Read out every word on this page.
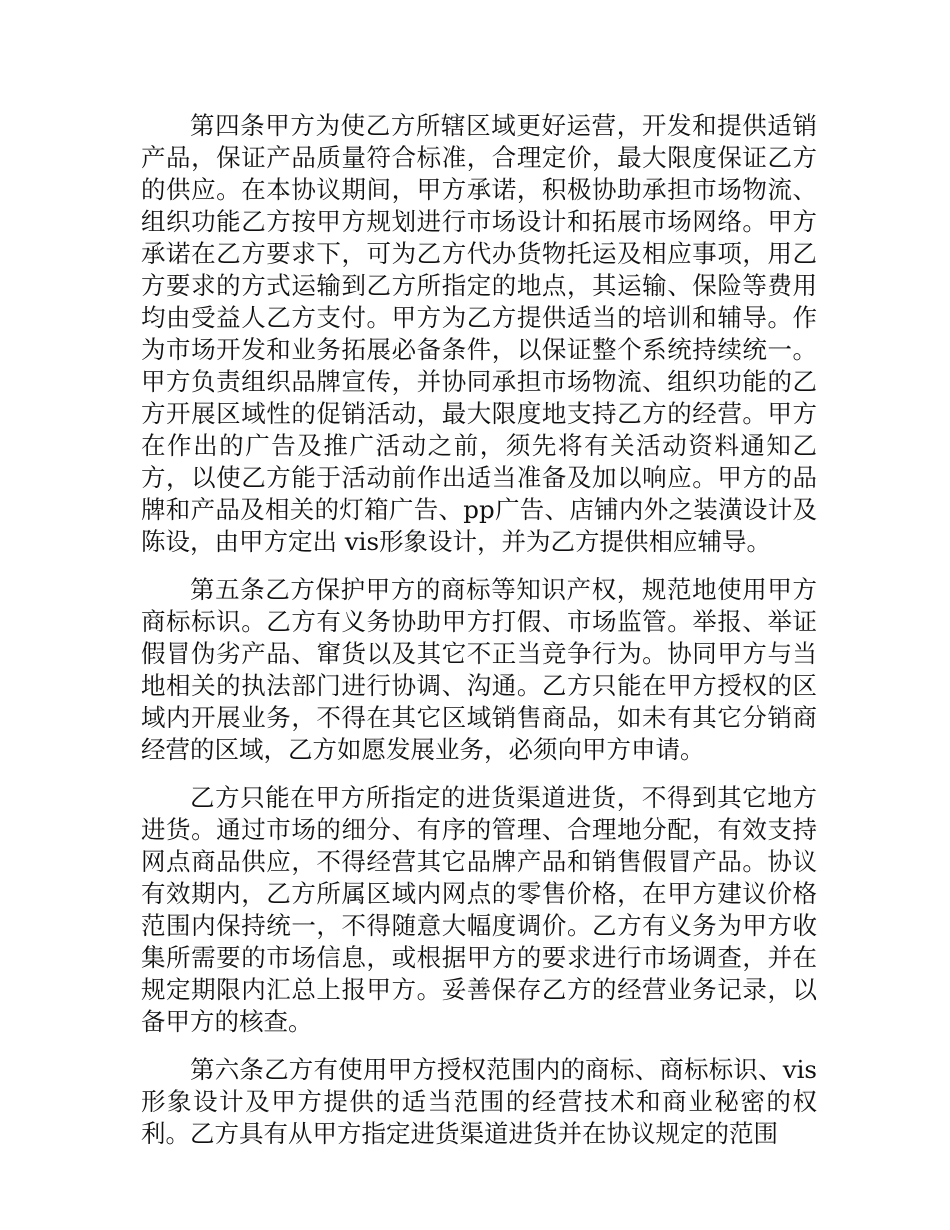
第四条甲方为使乙方所辖区域更好运营，开发和提供适销产品，保证产品质量符合标准，合理定价，最大限度保证乙方的供应。在本协议期间，甲方承诺，积极协助承担市场物流、组织功能乙方按甲方规划进行市场设计和拓展市场网络。甲方承诺在乙方要求下，可为乙方代办货物托运及相应事项，用乙方要求的方式运输到乙方所指定的地点，其运输、保险等费用均由受益人乙方支付。甲方为乙方提供适当的培训和辅导。作为市场开发和业务拓展必备条件，以保证整个系统持续统一。甲方负责组织品牌宣传，并协同承担市场物流、组织功能的乙方开展区域性的促销活动，最大限度地支持乙方的经营。甲方在作出的广告及推广活动之前，须先将有关活动资料通知乙方，以使乙方能于活动前作出适当准备及加以响应。甲方的品牌和产品及相关的灯箱广告、pp广告、店铺内外之装潢设计及陈设，由甲方定出 vis形象设计，并为乙方提供相应辅导。

第五条乙方保护甲方的商标等知识产权，规范地使用甲方商标标识。乙方有义务协助甲方打假、市场监管。举报、举证假冒伪劣产品、窜货以及其它不正当竞争行为。协同甲方与当地相关的执法部门进行协调、沟通。乙方只能在甲方授权的区域内开展业务，不得在其它区域销售商品，如未有其它分销商经营的区域，乙方如愿发展业务，必须向甲方申请。

乙方只能在甲方所指定的进货渠道进货，不得到其它地方进货。通过市场的细分、有序的管理、合理地分配，有效支持网点商品供应，不得经营其它品牌产品和销售假冒产品。协议有效期内，乙方所属区域内网点的零售价格，在甲方建议价格范围内保持统一，不得随意大幅度调价。乙方有义务为甲方收集所需要的市场信息，或根据甲方的要求进行市场调查，并在规定期限内汇总上报甲方。妥善保存乙方的经营业务记录，以备甲方的核查。

第六条乙方有使用甲方授权范围内的商标、商标标识、vis形象设计及甲方提供的适当范围的经营技术和商业秘密的权利。乙方具有从甲方指定进货渠道进货并在协议规定的范围
